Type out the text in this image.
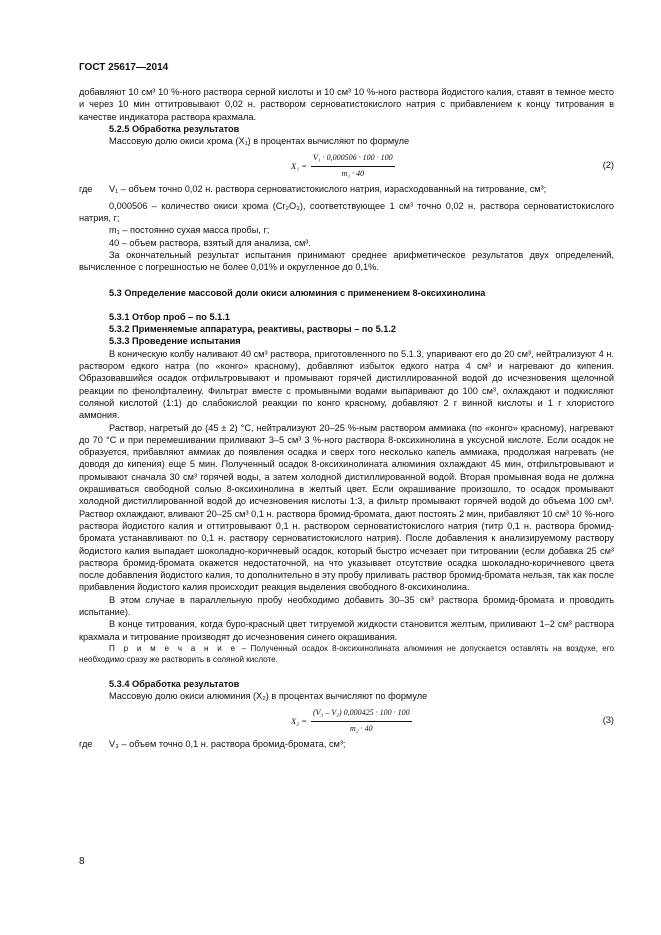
ГОСТ 25617—2014

добавляют 10 см³ 10 %-ного раствора серной кислоты и 10 см³ 10 %-ного раствора йодистого калия, ставят в темное место и через 10 мин оттитровывают 0,02 н. раствором серноватистокислого натрия с прибавлением к концу титрования в качестве индикатора раствора крахмала.

5.2.5 Обработка результатов

Массовую долю окиси хрома (X₁) в процентах вычисляют по формуле

$X_1 = \frac{\text{V₁ · 0,000506 · 100 · 100}}{\text{m₁ · 40}}$	(2)

где V₁ – объем точно 0,02 н. раствора серноватистокислого натрия, израсходованный на титрование, см³;

0,000506 – количество окиси хрома (Cr₂O₃), соответствующее 1 см³ точно 0,02 н. раствора серноватистокислого натрия, г;

m₁ – постоянно сухая масса пробы, г;

40 – объем раствора, взятый для анализа, см³.

За окончательный результат испытания принимают среднее арифметическое результатов двух определений, вычисленное с погрешностью не более 0,01% и округленное до 0,1%.

5.3 Определение массовой доли окиси алюминия с применением 8-оксихинолина

5.3.1 Отбор проб – по 5.1.1

5.3.2 Применяемые аппаратура, реактивы, растворы – по 5.1.2

5.3.3 Проведение испытания

В коническую колбу наливают 40 см³ раствора, приготовленного по 5.1.3, упаривают его до 20 см³, нейтрализуют 4 н. раствором едкого натра (по «конго» красному), добавляют избыток едкого натра 4 см³ и нагревают до кипения. Образовавшийся осадок отфильтровывают и промывают горячей дистиллированной водой до исчезновения щелочной реакции по фенолфталеину. Фильтрат вместе с промывными водами выпаривают до 100 см³, охлаждают и подкисляют соляной кислотой (1:1) до слабокислой реакции по конго красному, добавляют 2 г винной кислоты и 1 г хлористого аммония.

Раствор, нагретый до (45 ± 2) °C, нейтрализуют 20–25 %-ным раствором аммиака (по «конго» красному), нагревают до 70 °C и при перемешивании приливают 3–5 см³ 3 %-ного раствора 8-оксихинолина в уксусной кислоте. Если осадок не образуется, прибавляют аммиак до появления осадка и сверх того несколько капель аммиака, продолжая нагревать (не доводя до кипения) еще 5 мин. Полученный осадок 8-оксихинолината алюминия охлаждают 45 мин, отфильтровывают и промывают сначала 30 см³ горячей воды, а затем холодной дистиллированной водой. Вторая промывная вода не должна окрашиваться свободной солью 8-оксихинолина в желтый цвет. Если окрашивание произошло, то осадок промывают холодной дистиллированной водой до исчезновения кислоты 1:3, а фильтр промывают горячей водой до объема 100 см³. Раствор охлаждают, вливают 20–25 см³ 0,1 н. раствора бромид-бромата, дают постоять 2 мин, прибавляют 10 см³ 10 %-ного раствора йодистого калия и оттитровывают 0,1 н. раствором серноватистокислого натрия (титр 0,1 н. раствора бромид-бромата устанавливают по 0,1 н. раствору серноватистокислого натрия). После добавления к анализируемому раствору йодистого калия выпадает шоколадно-коричневый осадок, который быстро исчезает при титровании (если добавка 25 см³ раствора бромид-бромата окажется недостаточной, на что указывает отсутствие осадка шоколадно-коричневого цвета после добавления йодистого калия, то дополнительно в эту пробу приливать раствор бромид-бромата нельзя, так как после прибавления йодистого калия происходит реакция выделения свободного 8-оксихинолина.

В этом случае в параллельную пробу необходимо добавить 30–35 см³ раствора бромид-бромата и проводить испытание).

В конце титрования, когда буро-красный цвет титруемой жидкости становится желтым, приливают 1–2 см³ раствора крахмала и титрование производят до исчезновения синего окрашивания.

П р и м е ч а н и е – Полученный осадок 8-оксихинолината алюминия не допускается оставлять на воздухе, его необходимо сразу же растворить в соляной кислоте.

5.3.4 Обработка результатов

Массовую долю окиси алюминия (X₂) в процентах вычисляют по формуле

$X_2 = \frac{\text{(V₃ – V₂) 0,000425 · 100 · 100}}{\text{m₂ · 40}}$	(3)

где V₃ – объем точно 0,1 н. раствора бромид-бромата, см³;

8
